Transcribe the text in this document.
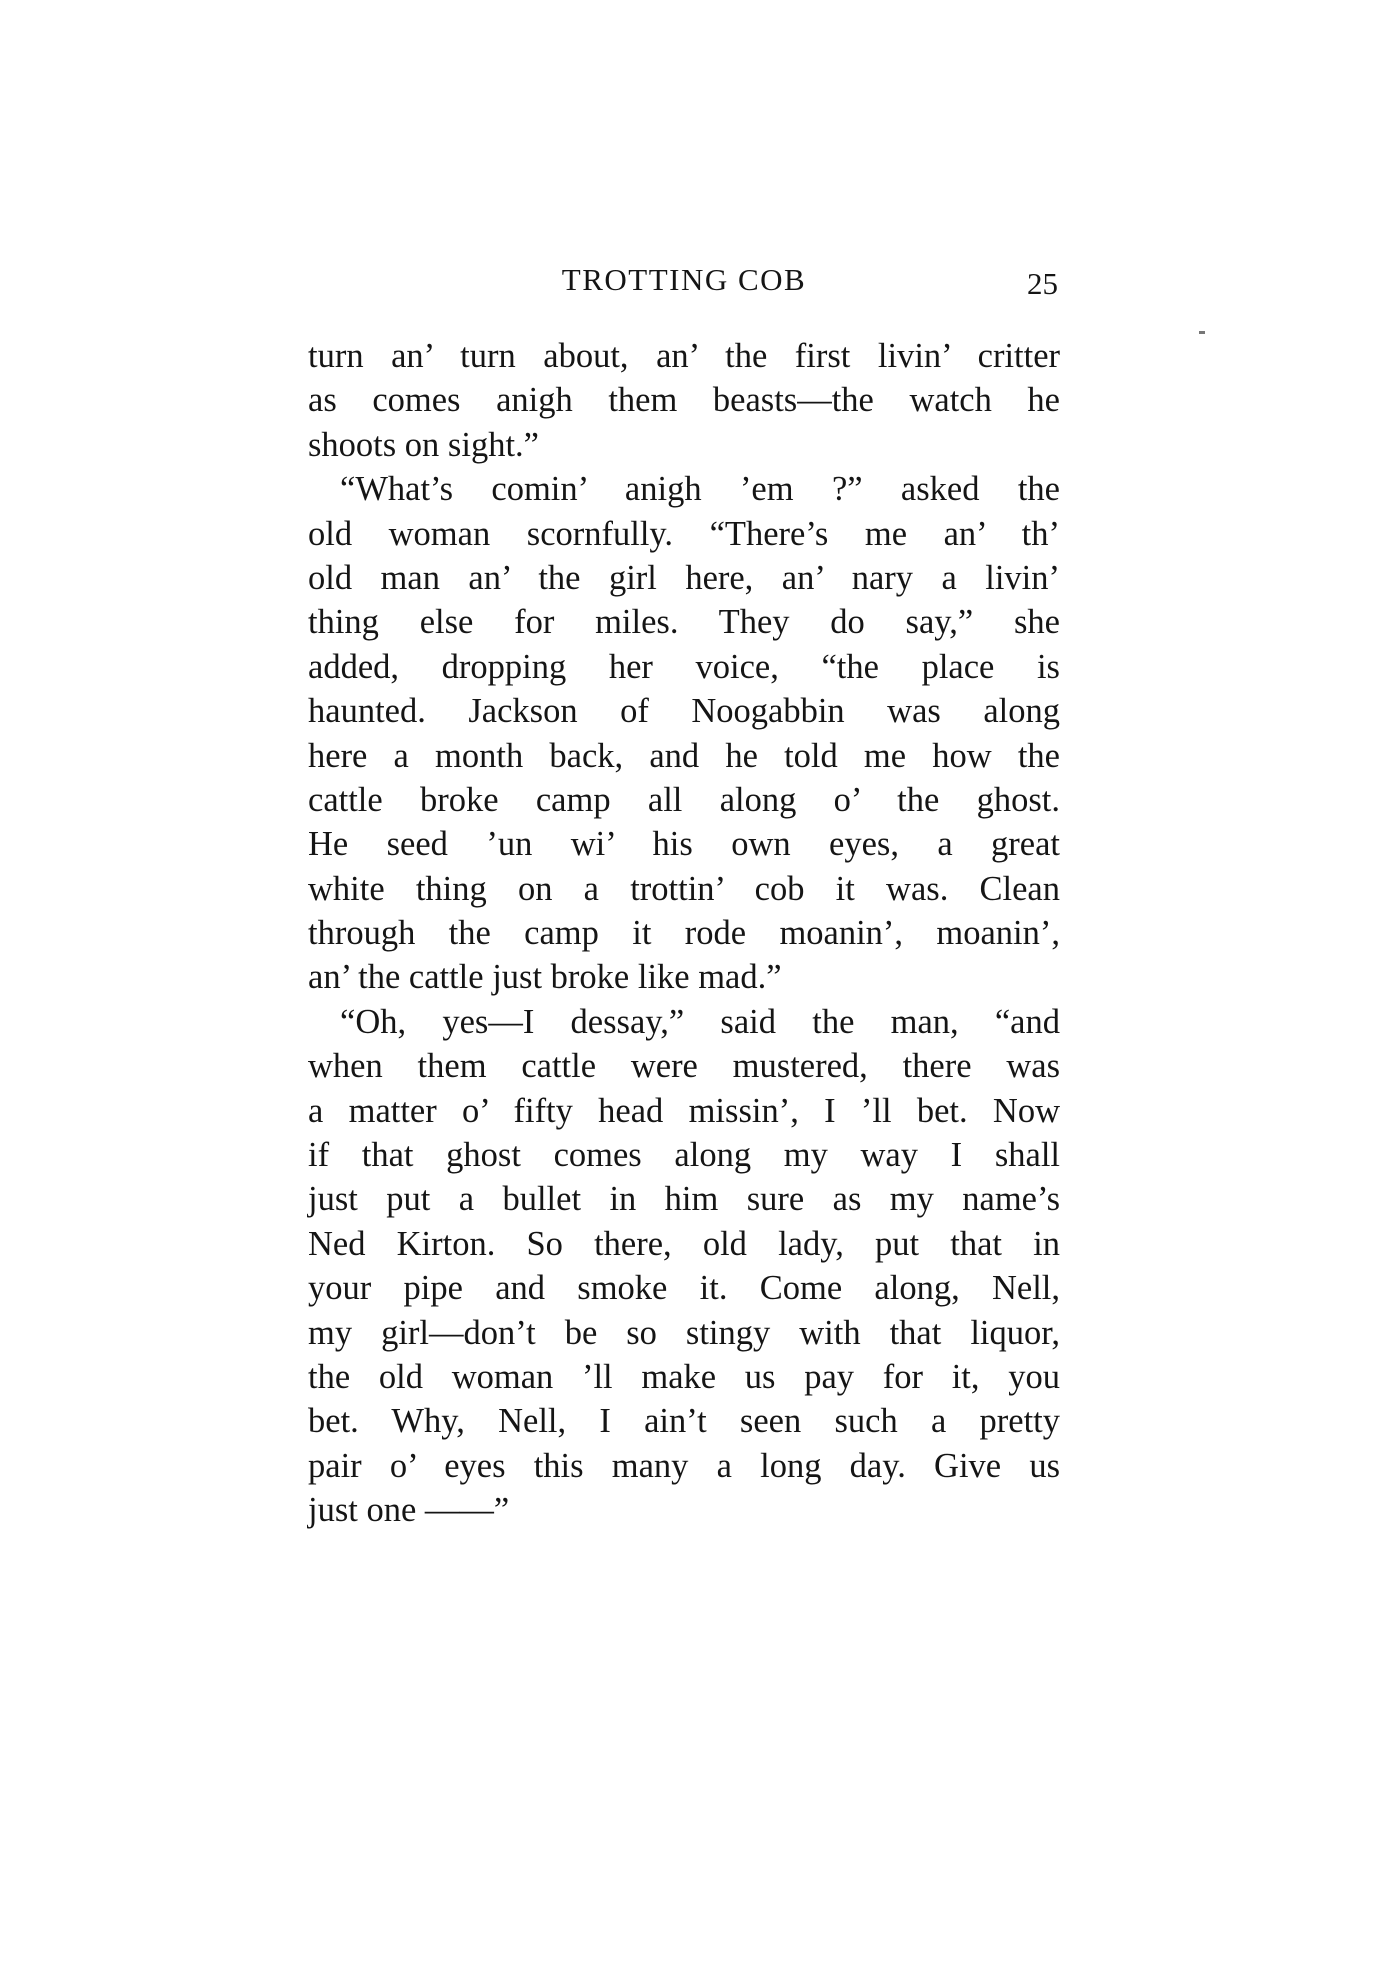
TROTTING COB	25
turn an’ turn about, an’ the first livin’ critter
as comes anigh them beasts—the watch he
shoots on sight.”
“What’s comin’ anigh ’em ?” asked the
old woman scornfully. “There’s me an’ th’
old man an’ the girl here, an’ nary a livin’
thing else for miles. They do say,” she
added, dropping her voice, “the place is
haunted. Jackson of Noogabbin was along
here a month back, and he told me how the
cattle broke camp all along o’ the ghost.
He seed ’un wi’ his own eyes, a great
white thing on a trottin’ cob it was. Clean
through the camp it rode moanin’, moanin’,
an’ the cattle just broke like mad.”
“Oh, yes—I dessay,” said the man, “and
when them cattle were mustered, there was
a matter o’ fifty head missin’, I ’ll bet. Now
if that ghost comes along my way I shall
just put a bullet in him sure as my name’s
Ned Kirton. So there, old lady, put that in
your pipe and smoke it. Come along, Nell,
my girl—don’t be so stingy with that liquor,
the old woman ’ll make us pay for it, you
bet. Why, Nell, I ain’t seen such a pretty
pair o’ eyes this many a long day. Give us
just one ——”
